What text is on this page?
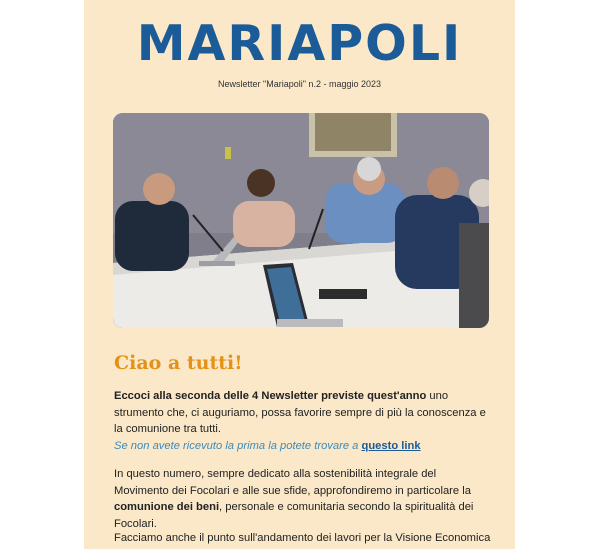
MARIAPOLI
Newsletter "Mariapoli" n.2 - maggio 2023
Ciao a tutti!

Eccoci alla seconda delle 4 Newsletter previste quest'anno uno strumento che, ci auguriamo, possa favorire sempre di più la conoscenza e la comunione tra tutti.
Se non avete ricevuto la prima la potete trovare a questo link

In questo numero, sempre dedicato alla sostenibilità integrale del Movimento dei Focolari e alle sue sfide, approfondiremo in particolare la comunione dei beni, personale e comunitaria secondo la spiritualità dei Focolari.

Facciamo anche il punto sull'andamento dei lavori per la Visione Economica
